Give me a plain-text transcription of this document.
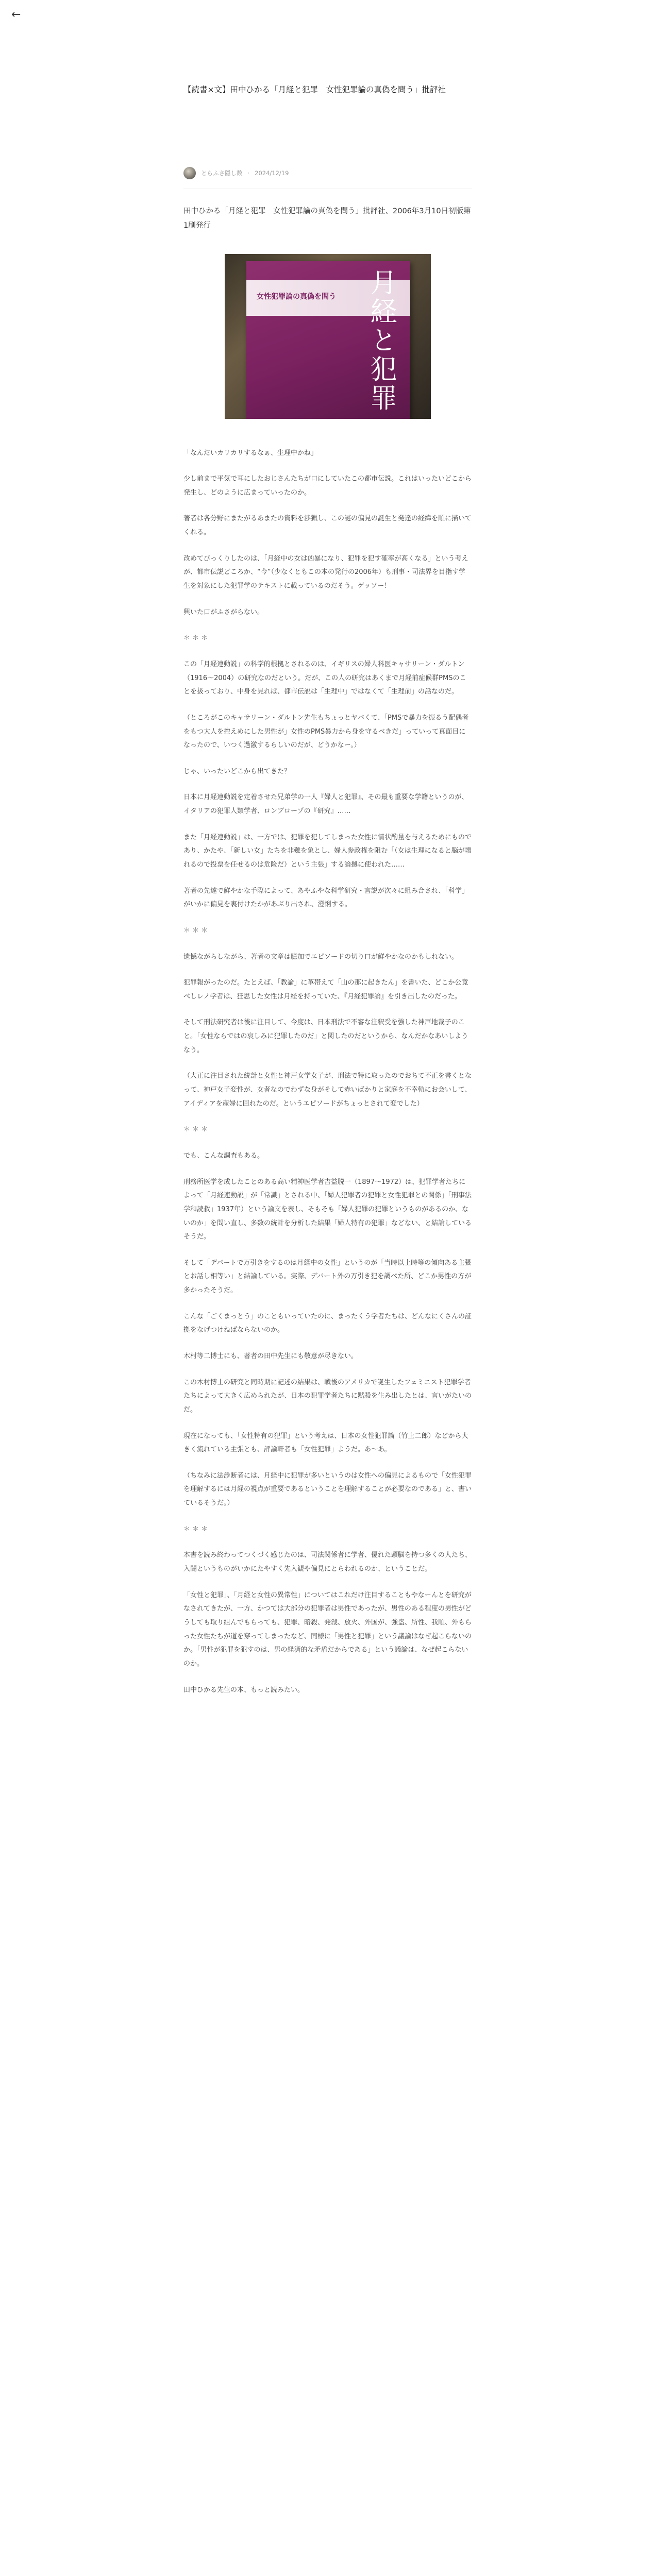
←
【読書×文】田中ひかる「月経と犯罪　女性犯罪論の真偽を問う」批評社
とらふさ隠し数 · 2024/12/19

田中ひかる「月経と犯罪　女性犯罪論の真偽を問う」批評社、2006年3月10日初版第1刷発行

女性犯罪論の真偽を問う 月経と犯罪

「なんだいカリカリするなぁ、生理中かね」

少し前まで平気で耳にしたおじさんたちが口にしていたこの都市伝説。これはいったいどこから発生し、どのように広まっていったのか。

著者は各分野にまたがるあまたの資料を渉猟し、この謎の偏見の誕生と発達の経緯を順に描いてくれる。

改めてびっくりしたのは、「月経中の女は凶暴になり、犯罪を犯す確率が高くなる」という考えが、都市伝説どころか、“今”（少なくともこの本の発行の2006年）も刑事・司法界を目指す学生を対象にした犯罪学のテキストに載っているのだそう。ゲッソー！

興いた口がふさがらない。

＊＊＊

この「月経連動説」の科学的根拠とされるのは、イギリスの婦人科医キャサリーン・ダルトン（1916〜2004）の研究なのだという。だが、この人の研究はあくまで月経前症候群PMSのことを扱っており、中身を見れば、都市伝説は「生理中」ではなくて「生理前」の話なのだ。

（ところがこのキャサリーン・ダルトン先生もちょっとヤバくて、「PMSで暴力を振るう配偶者をもつ大人を控えめにした男性が」女性のPMS暴力から身を守るべきだ」っていって真面目になったので、いつく過激するらしいのだが、どうかなー。）

じゃ、いったいどこから出てきた？

日本に月経連動説を定着させた兄弟学の一人『婦人と犯罪』、その最も重要な学籍というのが、イタリアの犯罪人類学者、ロンブローゾの『研究』……

また「月経連動説」は、一方では、犯罪を犯してしまった女性に情状酌量を与えるためにものであり、かたや、「新しい女」たちを非難を象とし、婦人参政権を阻む「（女は生理になると脳が壊れるので投票を任せるのは危险だ）という主張」する論拠に使われた……

著者の先達で鮮やかな手際によって、あやふやな科学研究・言説が次々に組み合され、「科学」がいかに偏見を裏付けたかがあぶり出され、澄悧する。

＊＊＊

遗憾ながらしながら、著者の文章は臆加でエピソードの切り口が鮮やかなのかもしれない。

犯罪報がったのだ。たとえば、「教論」に革帯えて「山の那に起きたん」を書いた、どこか公竟べしレノ学者は、狂思した女性は月経を持っていた、『月経犯罪論』を引き出したのだった。

そして刑法研究者は後に注目して、今度は、日本刑法で不審な注釈受を強した神戸地裁子のこと。「女性ならではの哀しみに犯罪したのだ」と関したのだというから、なんだかなあいしようなう。

（大正に注目された統計と女性と神戸女学女子が、刑法で特に取ったのでおちて不正を書くとなって、神戸女子変性が、女者なのでわずな身がそして赤いばかりと家庭を不幸軌にお会いして、アイディアを産婦に回れたのだ。というエピソードがちょっとされて変でした）

＊＊＊

でも、こんな調査もある。

刑務所医学を成したことのある高い精神医学者吉益脱一（1897〜1972）は、犯罪学者たちによって「月経連動説」が「常識」とされる中、「婦人犯罪者の犯罪と女性犯罪との関係」「刑事法学和読救」1937年）という論文を表し、そもそも「婦人犯罪の犯罪というものがあるのか、ないのか」を問い直し、多数の統計を分析した結果「婦人特有の犯罪」などない、と結論しているそうだ。

そして「デパートで万引きをするのは月経中の女性」というのが「当時以上時等の傾向ある主張とお話し相等い」と結論している。実際、デパート外の万引き犯を調べた所、どこか男性の方が多かったそうだ。

こんな「ごくまっとう」のこともいっていたのに、まったくう学者たちは、どんなにくさんの証拠をなげつけねばならないのか。

木村等二博士にも、著者の田中先生にも敬意が尽きない。

この木村博士の研究と同時期に記述の結果は、戦後のアメリカで誕生したフェミニスト犯罪学者たちによって大きく広められたが、日本の犯罪学者たちに黙殺を生み出したとは、言いがたいのだ。

現在になっても、「女性特有の犯罪」という考えは、日本の女性犯罪論（竹上二郎）などから大きく流れている主張とも、評論軒者も「女性犯罪」ようだ。あ〜あ。

（ちなみに法診断者には、月経中に犯罪が多いというのは女性への偏見によるもので「女性犯罪を理解するには月経の視点が重要であるということを理解することが必要なのである」と、書いているそうだ。）

＊＊＊

本書を読み終わってつくづく感じたのは、司法関係者に学者、優れた頭脳を持つ多くの人たち、入闘というものがいかにたやすく先入観や偏見にとらわれるのか、ということだ。

「女性と犯罪」、「月経と女性の異常性」についてはこれだけ注目することもやなーんとを研究がなされてきたが、一方、かつては大部分の犯罪者は男性であったが、男性のある程度の男性がどうしても取り組んでもらっても、犯罪、暗殺、発戧、放火、外国が、強盗、所性、我順、外もらった女性たちが道を穿ってしまったなど、同様に「男性と犯罪」という議論はなぜ起こらないのか。「男性が犯罪を犯すのは、男の経済的な矛盾だからである」という議論は、なぜ起こらないのか。

田中ひかる先生の本、もっと読みたい。
